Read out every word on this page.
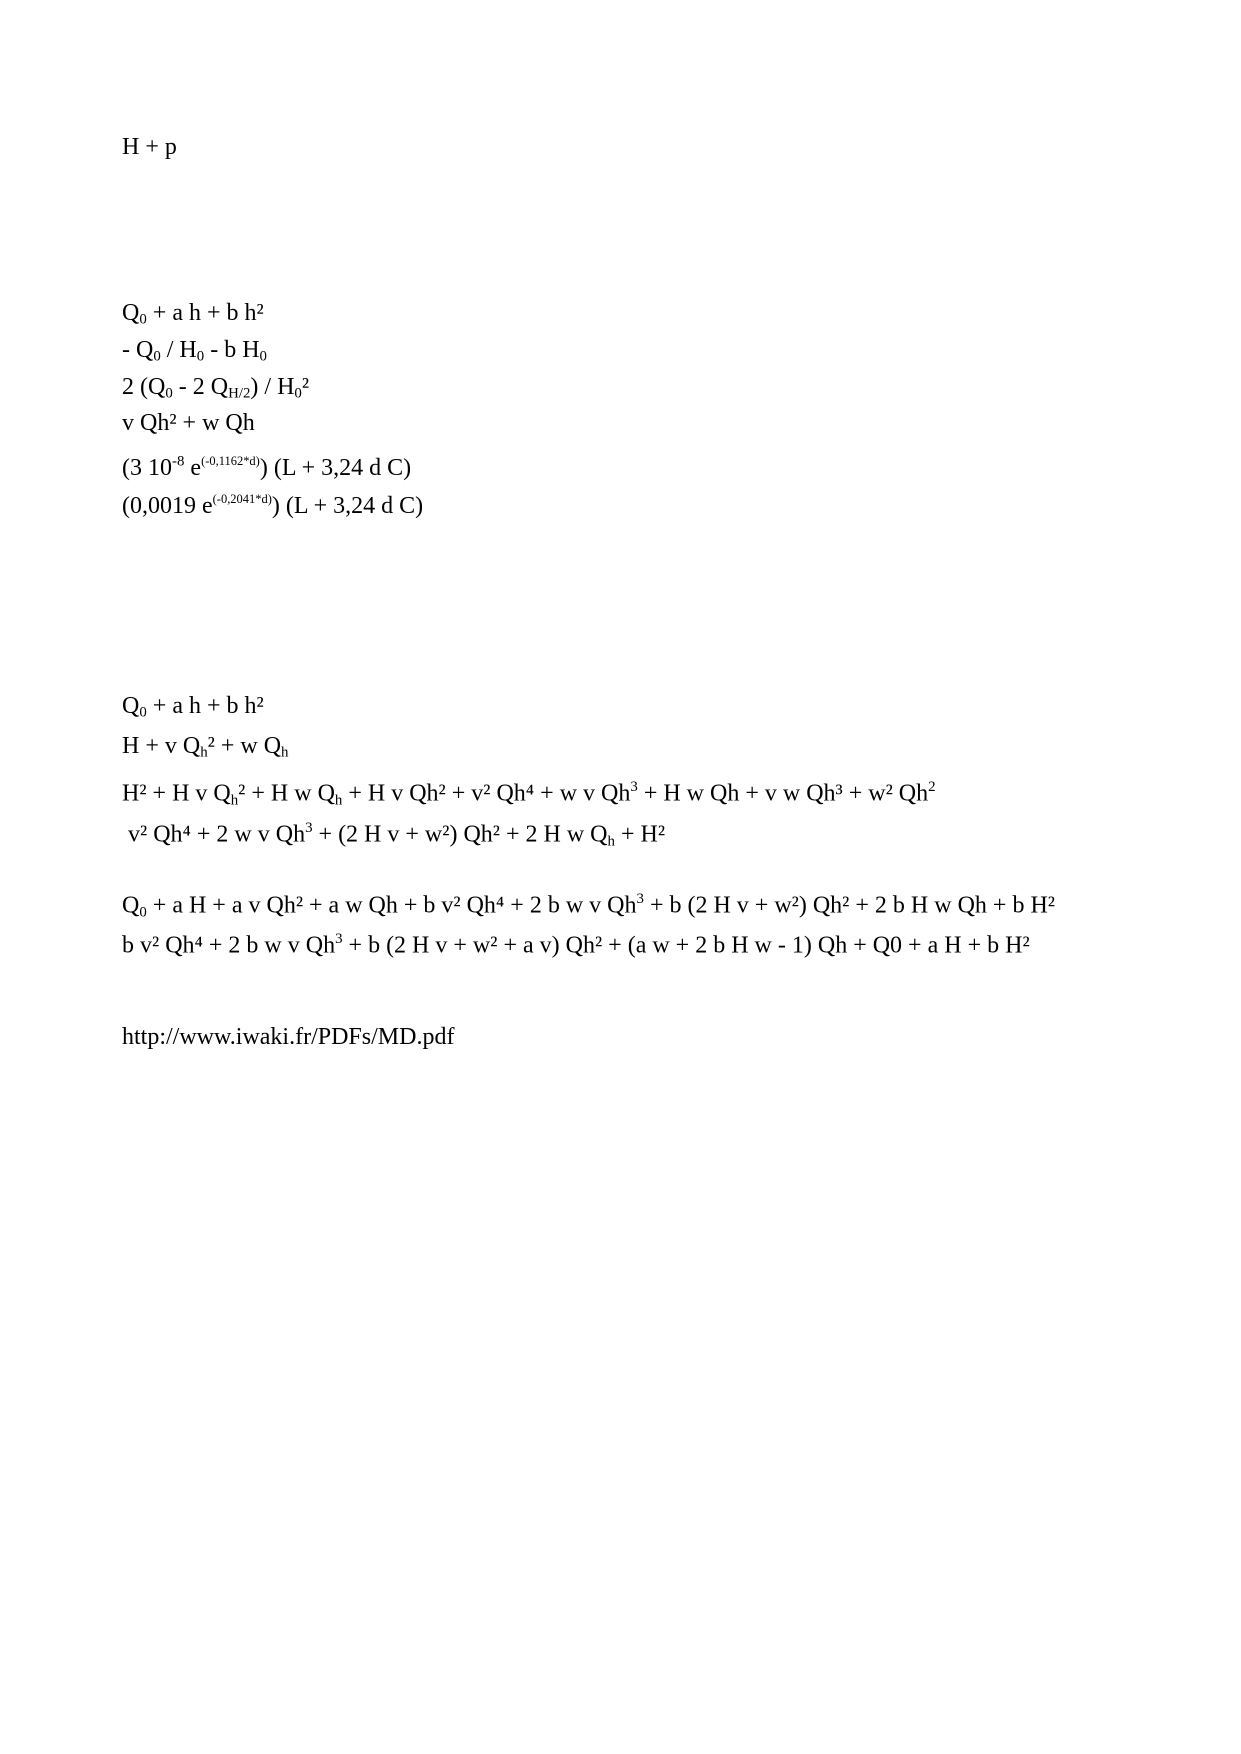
H + p
Q0 + a h + b h²
- Q0 / H0 - b H0
2 (Q0 - 2 QH/2) / H0²
v Qh² + w Qh
(3 $10^{-8}$ $e^{(-0,1162*d)}$) (L + 3,24 d C)
(0,0019 $e^{(-0,2041*d)}$) (L + 3,24 d C)
Q0 + a h + b h²
H + v Qh² + w Qh
H² + H v Qh² + H w Qh + H v Qh² + v² Qh⁴ + w v $Qh^3 + H$ w Qh + v w Qh³ + w² Qh$^2$
v² Qh⁴ + 2 w v $Qh^3 + (2$ H v + w²) Qh² + 2 H w Qh + H²
Q0 + a H + a v Qh² + a w Qh + b v² Qh⁴ + 2 b w v $Qh^3 + b$ (2 H v + w²) Qh² + 2 b H w Qh + b H²
b v² Qh⁴ + 2 b w v $Qh^3 + b$ (2 H v + w² + a v) Qh² + (a w + 2 b H w - 1) Qh + Q0 + a H + b H²
http://www.iwaki.fr/PDFs/MD.pdf
